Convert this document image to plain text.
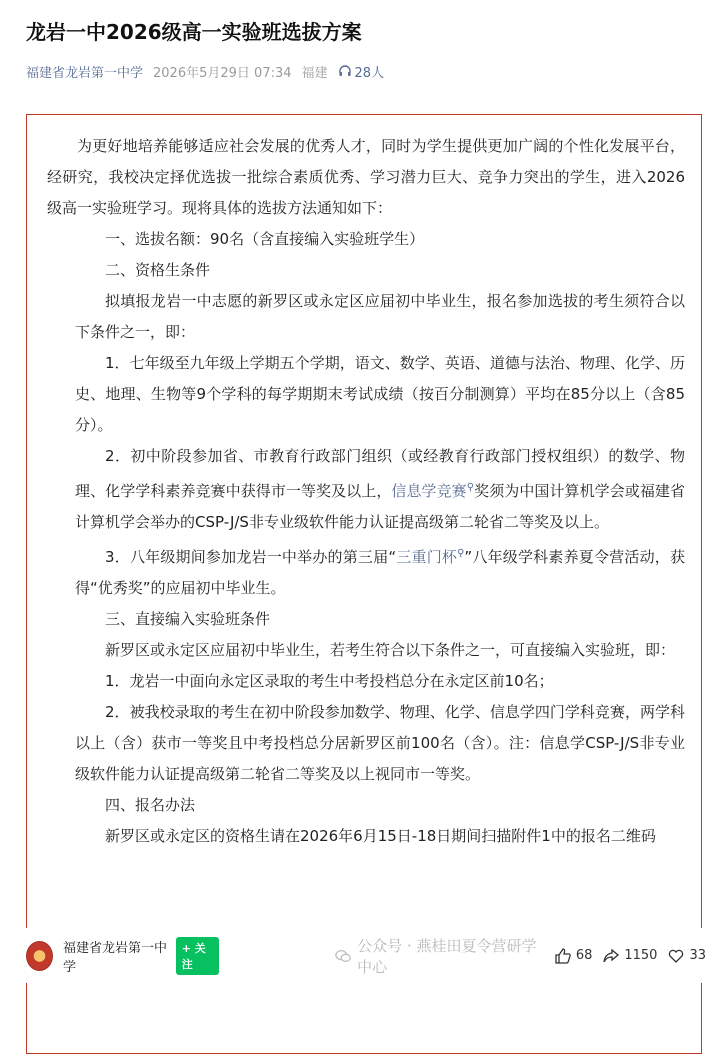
龙岩一中2026级高一实验班选拔方案
福建省龙岩第一中学 2026年5月29日 07:34 福建 28人

为更好地培养能够适应社会发展的优秀人才，同时为学生提供更加广阔的个性化发展平台，经研究，我校决定择优选拔一批综合素质优秀、学习潜力巨大、竞争力突出的学生，进入2026级高一实验班学习。现将具体的选拔方法通知如下：

一、选拔名额：90名（含直接编入实验班学生）

二、资格生条件

拟填报龙岩一中志愿的新罗区或永定区应届初中毕业生，报名参加选拔的考生须符合以下条件之一，即：

1．七年级至九年级上学期五个学期，语文、数学、英语、道德与法治、物理、化学、历史、地理、生物等9个学科的每学期期末考试成绩（按百分制测算）平均在85分以上（含85分）。

2．初中阶段参加省、市教育行政部门组织（或经教育行政部门授权组织）的数学、物理、化学学科素养竞赛中获得市一等奖及以上，信息学竞赛⚲奖须为中国计算机学会或福建省计算机学会举办的CSP-J/S非专业级软件能力认证提高级第二轮省二等奖及以上。

3．八年级期间参加龙岩一中举办的第三届“三重门杯⚲”八年级学科素养夏令营活动，获得“优秀奖”的应届初中毕业生。

三、直接编入实验班条件

新罗区或永定区应届初中毕业生，若考生符合以下条件之一，可直接编入实验班，即：

1．龙岩一中面向永定区录取的考生中考投档总分在永定区前10名；

2．被我校录取的考生在初中阶段参加数学、物理、化学、信息学四门学科竞赛，两学科以上（含）获市一等奖且中考投档总分居新罗区前100名（含）。注：信息学CSP-J/S非专业级软件能力认证提高级第二轮省二等奖及以上视同市一等奖。

四、报名办法

新罗区或永定区的资格生请在2026年6月15日-18日期间扫描附件1中的报名二维码

福建省龙岩第一中学
+ 关注
公众号 · 燕桂田夏令营研学中心
68 1150 33
